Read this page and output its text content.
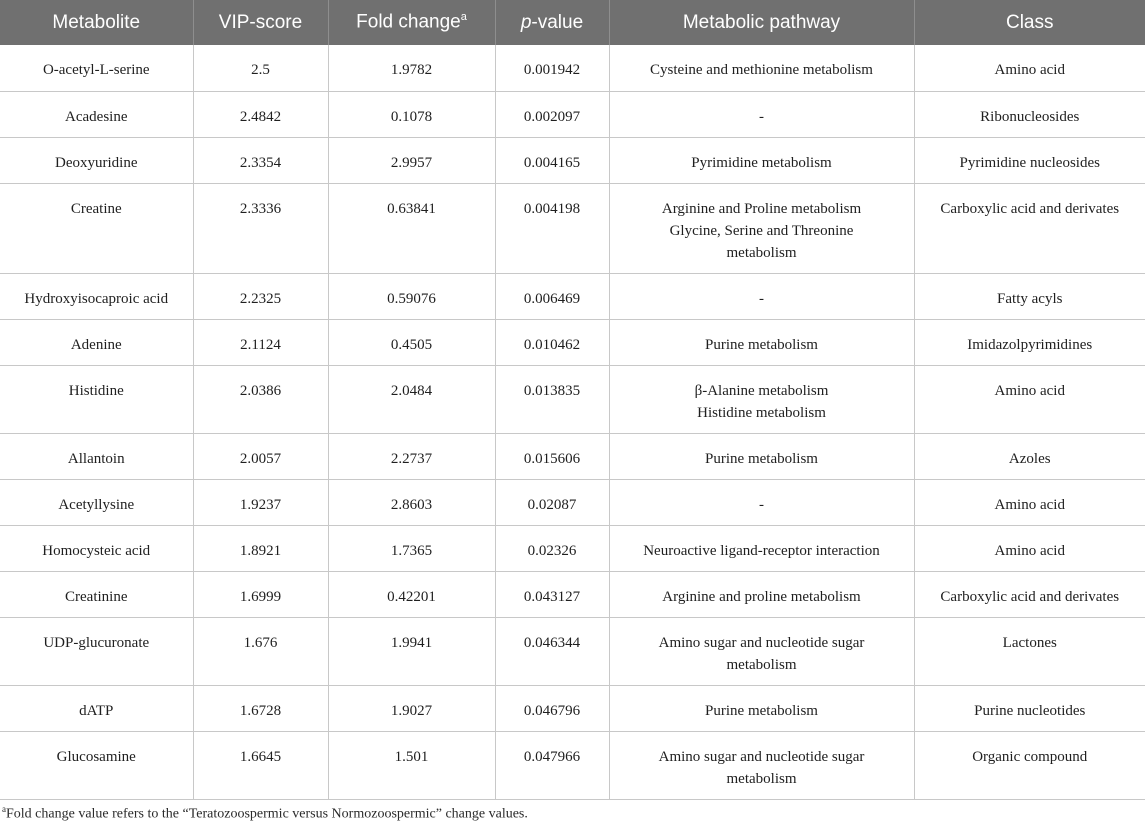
Metabolite	VIP-score	Fold change$^a$	p-value	Metabolic pathway	Class
O-acetyl-L-serine	2.5	1.9782	0.001942	Cysteine and methionine metabolism	Amino acid
Acadesine	2.4842	0.1078	0.002097	-	Ribonucleosides
Deoxyuridine	2.3354	2.9957	0.004165	Pyrimidine metabolism	Pyrimidine nucleosides
Creatine	2.3336	0.63841	0.004198	Arginine and Proline metabolism
Glycine, Serine and Threonine
metabolism	Carboxylic acid and derivates
Hydroxyisocaproic acid	2.2325	0.59076	0.006469	-	Fatty acyls
Adenine	2.1124	0.4505	0.010462	Purine metabolism	Imidazolpyrimidines
Histidine	2.0386	2.0484	0.013835	β-Alanine metabolism
Histidine metabolism	Amino acid
Allantoin	2.0057	2.2737	0.015606	Purine metabolism	Azoles
Acetyllysine	1.9237	2.8603	0.02087	-	Amino acid
Homocysteic acid	1.8921	1.7365	0.02326	Neuroactive ligand-receptor interaction	Amino acid
Creatinine	1.6999	0.42201	0.043127	Arginine and proline metabolism	Carboxylic acid and derivates
UDP-glucuronate	1.676	1.9941	0.046344	Amino sugar and nucleotide sugar
metabolism	Lactones
dATP	1.6728	1.9027	0.046796	Purine metabolism	Purine nucleotides
Glucosamine	1.6645	1.501	0.047966	Amino sugar and nucleotide sugar
metabolism	Organic compound
$^a$Fold change value refers to the “Teratozoospermic versus Normozoospermic” change values.
